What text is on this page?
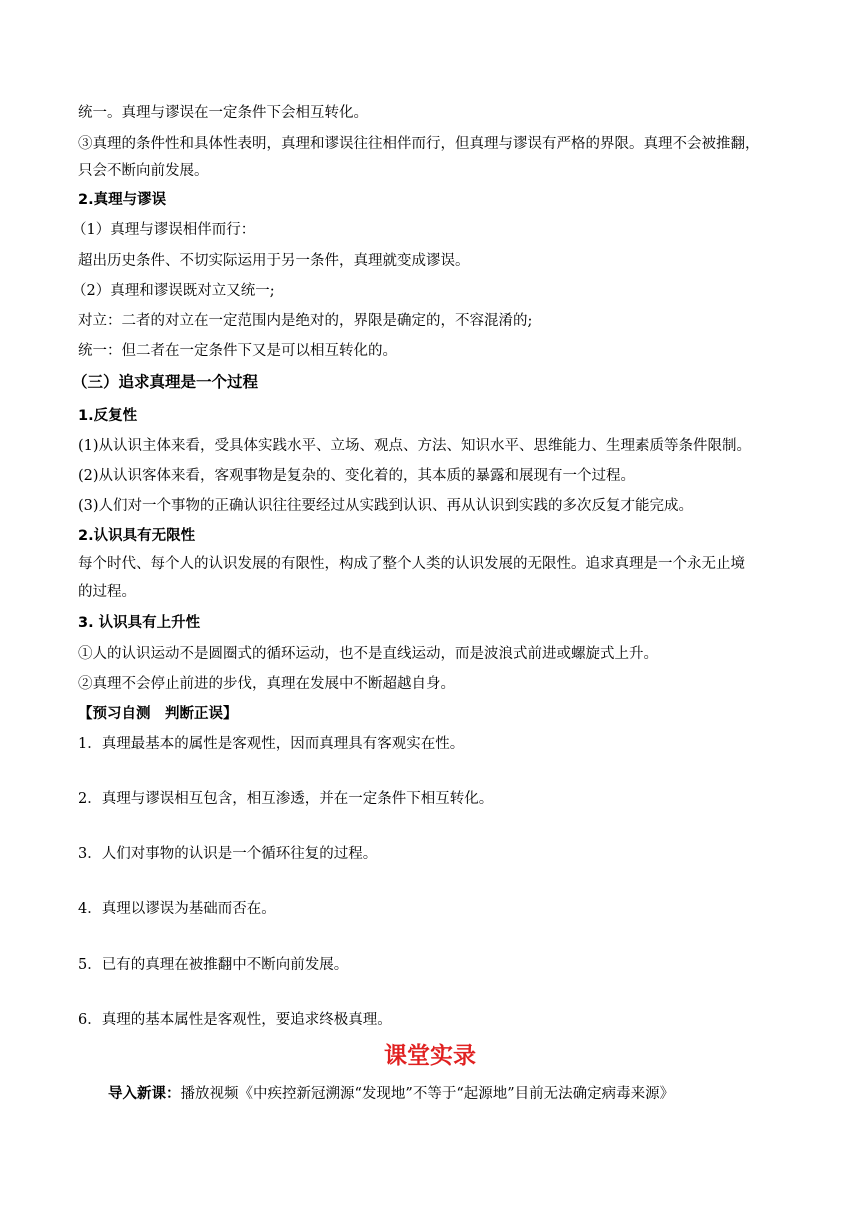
统一。真理与谬误在一定条件下会相互转化。
③真理的条件性和具体性表明，真理和谬误往往相伴而行，但真理与谬误有严格的界限。真理不会被推翻，
只会不断向前发展。
2.真理与谬误
（1）真理与谬误相伴而行：
超出历史条件、不切实际运用于另一条件，真理就变成谬误。
（2）真理和谬误既对立又统一;
对立：二者的对立在一定范围内是绝对的，界限是确定的，不容混淆的;
统一：但二者在一定条件下又是可以相互转化的。
（三）追求真理是一个过程
1.反复性
(1)从认识主体来看，受具体实践水平、立场、观点、方法、知识水平、思维能力、生理素质等条件限制。
(2)从认识客体来看，客观事物是复杂的、变化着的，其本质的暴露和展现有一个过程。
(3)人们对一个事物的正确认识往往要经过从实践到认识、再从认识到实践的多次反复才能完成。
2.认识具有无限性
每个时代、每个人的认识发展的有限性，构成了整个人类的认识发展的无限性。追求真理是一个永无止境
的过程。
3. 认识具有上升性
①人的认识运动不是圆圈式的循环运动，也不是直线运动，而是波浪式前进或螺旋式上升。
②真理不会停止前进的步伐，真理在发展中不断超越自身。
【预习自测　判断正误】
1．真理最基本的属性是客观性，因而真理具有客观实在性。
2．真理与谬误相互包含，相互渗透，并在一定条件下相互转化。
3．人们对事物的认识是一个循环往复的过程。
4．真理以谬误为基础而否在。
5．已有的真理在被推翻中不断向前发展。
6．真理的基本属性是客观性，要追求终极真理。
课堂实录
导入新课：播放视频《中疾控新冠溯源“发现地”不等于“起源地”目前无法确定病毒来源》
